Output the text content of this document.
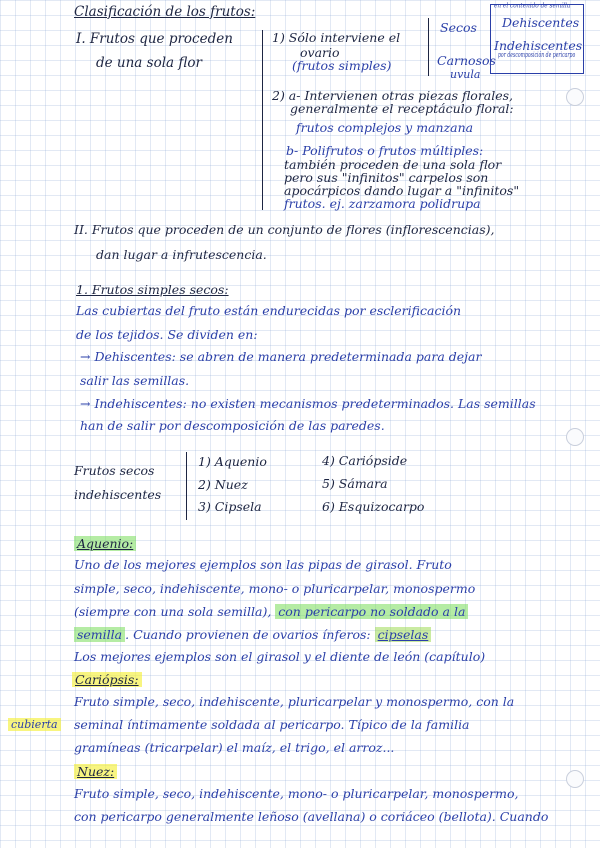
Clasificación de los frutos:
I. Frutos que proceden
de una sola flor
1) Sólo interviene el
ovario
(frutos simples)
Secos
Carnosos
en el contenido de semilla
Dehiscentes
Indehiscentes
por descomposición de pericarpo
uvula
2) a- Intervienen otras piezas florales,
generalmente el receptáculo floral:
frutos complejos y manzana
b- Polifrutos o frutos múltiples:
también proceden de una sola flor
pero sus "infinitos" carpelos son
apocárpicos dando lugar a "infinitos"
frutos. ej. zarzamora polidrupa
II. Frutos que proceden de un conjunto de flores (inflorescencias),
dan lugar a infrutescencia.
1. Frutos simples secos:
Las cubiertas del fruto están endurecidas por esclerificación
de los tejidos. Se dividen en:
→ Dehiscentes: se abren de manera predeterminada para dejar
salir las semillas.
→ Indehiscentes: no existen mecanismos predeterminados. Las semillas
han de salir por descomposición de las paredes.
Frutos secos
indehiscentes
1) Aquenio
2) Nuez
3) Cipsela
4) Cariópside
5) Sámara
6) Esquizocarpo
Aquenio:
Uno de los mejores ejemplos son las pipas de girasol. Fruto
simple, seco, indehiscente, mono- o pluricarpelar, monospermo
(siempre con una sola semilla), con pericarpo no soldado a la
semilla . Cuando provienen de ovarios ínferos: cipselas
Los mejores ejemplos son el girasol y el diente de león (capítulo)
Cariópsis:
Fruto simple, seco, indehiscente, pluricarpelar y monospermo, con la
cubierta seminal íntimamente soldada al pericarpo. Típico de la familia
gramíneas (tricarpelar) el maíz, el trigo, el arroz...
Nuez:
Fruto simple, seco, indehiscente, mono- o pluricarpelar, monospermo,
con pericarpo generalmente leñoso (avellana) o coriáceo (bellota). Cuando
